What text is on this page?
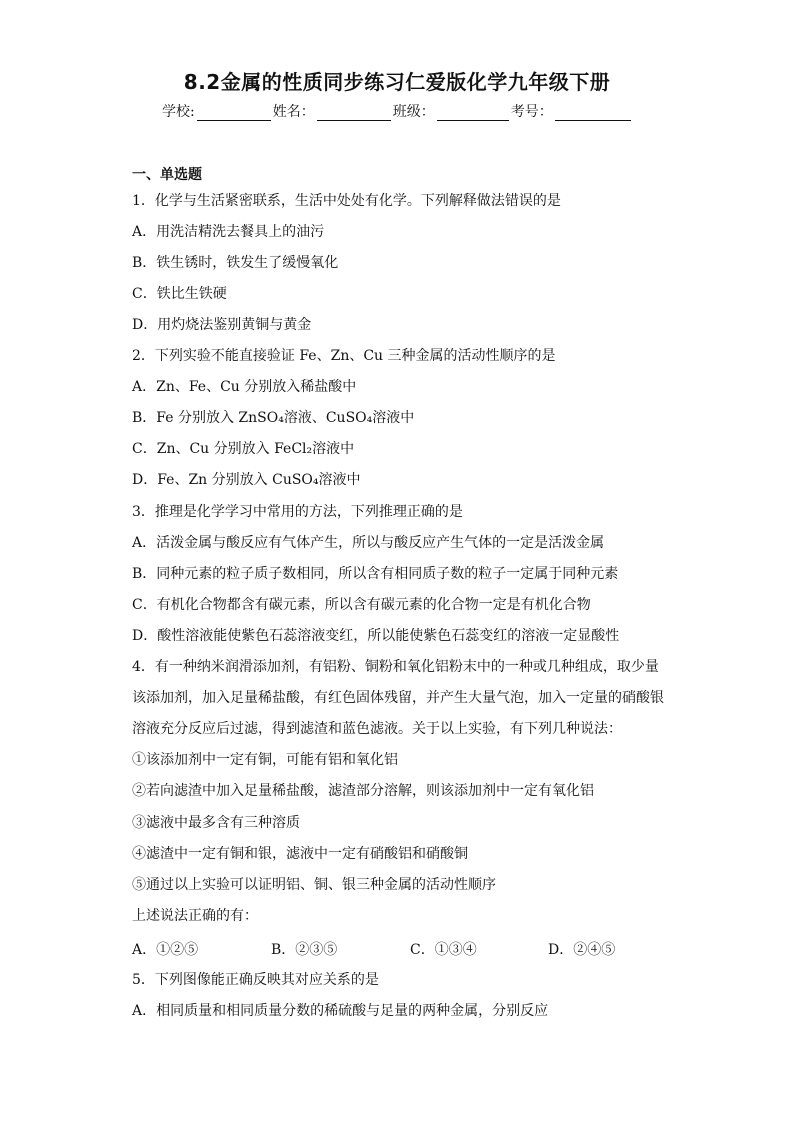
8.2金属的性质同步练习仁爱版化学九年级下册
学校:	姓名：	班级：	考号：
一、单选题
1．化学与生活紧密联系，生活中处处有化学。下列解释做法错误的是
A．用洗洁精洗去餐具上的油污
B．铁生锈时，铁发生了缓慢氧化
C．铁比生铁硬
D．用灼烧法鉴别黄铜与黄金
2．下列实验不能直接验证 Fe、Zn、Cu 三种金属的活动性顺序的是
A．Zn、Fe、Cu 分别放入稀盐酸中
B．Fe 分别放入 ZnSO₄溶液、CuSO₄溶液中
C．Zn、Cu 分别放入 FeCl₂溶液中
D．Fe、Zn 分别放入 CuSO₄溶液中
3．推理是化学学习中常用的方法，下列推理正确的是
A．活泼金属与酸反应有气体产生，所以与酸反应产生气体的一定是活泼金属
B．同种元素的粒子质子数相同，所以含有相同质子数的粒子一定属于同种元素
C．有机化合物都含有碳元素，所以含有碳元素的化合物一定是有机化合物
D．酸性溶液能使紫色石蕊溶液变红，所以能使紫色石蕊变红的溶液一定显酸性
4．有一种纳米润滑添加剂，有铝粉、铜粉和氧化铝粉末中的一种或几种组成，取少量
该添加剂，加入足量稀盐酸，有红色固体残留，并产生大量气泡，加入一定量的硝酸银
溶液充分反应后过滤，得到滤渣和蓝色滤液。关于以上实验，有下列几种说法：
①该添加剂中一定有铜，可能有铝和氧化铝
②若向滤渣中加入足量稀盐酸，滤渣部分溶解，则该添加剂中一定有氧化铝
③滤液中最多含有三种溶质
④滤渣中一定有铜和银，滤液中一定有硝酸铝和硝酸铜
⑤通过以上实验可以证明铝、铜、银三种金属的活动性顺序
上述说法正确的有：
A．①②⑤	B．②③⑤	C．①③④	D．②④⑤
5．下列图像能正确反映其对应关系的是
A．相同质量和相同质量分数的稀硫酸与足量的两种金属，分别反应
